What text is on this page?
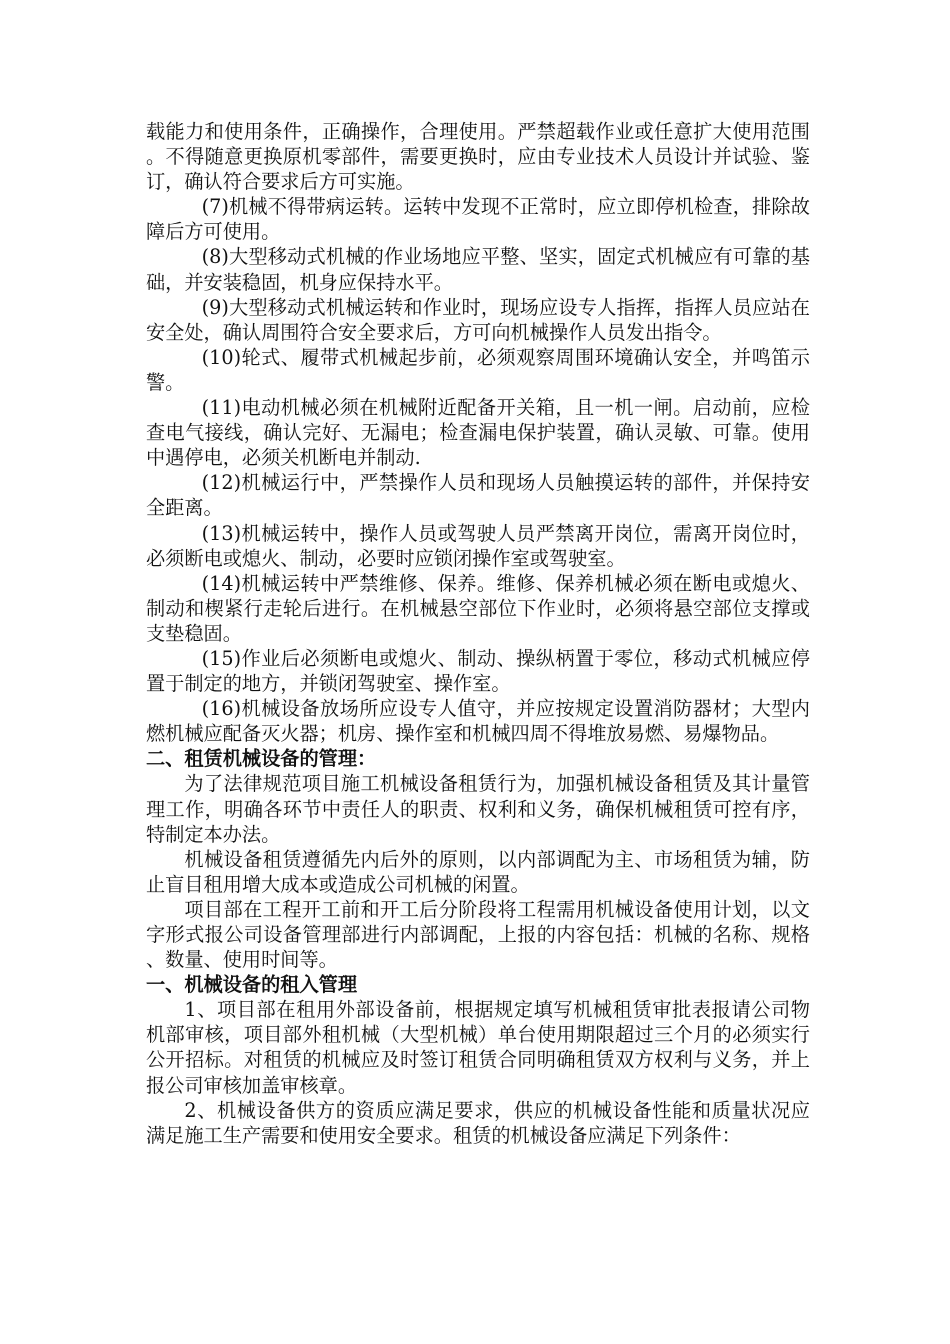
载能力和使用条件，正确操作，合理使用。严禁超载作业或任意扩大使用范围。不得随意更换原机零部件，需要更换时，应由专业技术人员设计并试验、鉴订，确认符合要求后方可实施。

(7)机械不得带病运转。运转中发现不正常时，应立即停机检查，排除故障后方可使用。

(8)大型移动式机械的作业场地应平整、坚实，固定式机械应有可靠的基础，并安装稳固，机身应保持水平。

(9)大型移动式机械运转和作业时，现场应设专人指挥，指挥人员应站在安全处，确认周围符合安全要求后，方可向机械操作人员发出指令。

(10)轮式、履带式机械起步前，必须观察周围环境确认安全，并鸣笛示警。

(11)电动机械必须在机械附近配备开关箱，且一机一闸。启动前，应检查电气接线，确认完好、无漏电；检查漏电保护装置，确认灵敏、可靠。使用中遇停电，必须关机断电并制动.

(12)机械运行中，严禁操作人员和现场人员触摸运转的部件，并保持安全距离。

(13)机械运转中，操作人员或驾驶人员严禁离开岗位，需离开岗位时，必须断电或熄火、制动，必要时应锁闭操作室或驾驶室。

(14)机械运转中严禁维修、保养。维修、保养机械必须在断电或熄火、制动和楔紧行走轮后进行。在机械悬空部位下作业时，必须将悬空部位支撑或支垫稳固。

(15)作业后必须断电或熄火、制动、操纵柄置于零位，移动式机械应停置于制定的地方，并锁闭驾驶室、操作室。

(16)机械设备放场所应设专人值守，并应按规定设置消防器材；大型内燃机械应配备灭火器；机房、操作室和机械四周不得堆放易燃、易爆物品。

二、租赁机械设备的管理：

为了法律规范项目施工机械设备租赁行为，加强机械设备租赁及其计量管理工作，明确各环节中责任人的职责、权利和义务，确保机械租赁可控有序，特制定本办法。

机械设备租赁遵循先内后外的原则，以内部调配为主、市场租赁为辅，防止盲目租用增大成本或造成公司机械的闲置。

项目部在工程开工前和开工后分阶段将工程需用机械设备使用计划，以文字形式报公司设备管理部进行内部调配，上报的内容包括：机械的名称、规格、数量、使用时间等。

一、机械设备的租入管理

1、项目部在租用外部设备前，根据规定填写机械租赁审批表报请公司物机部审核，项目部外租机械（大型机械）单台使用期限超过三个月的必须实行公开招标。对租赁的机械应及时签订租赁合同明确租赁双方权利与义务，并上报公司审核加盖审核章。

2、机械设备供方的资质应满足要求，供应的机械设备性能和质量状况应满足施工生产需要和使用安全要求。租赁的机械设备应满足下列条件：
